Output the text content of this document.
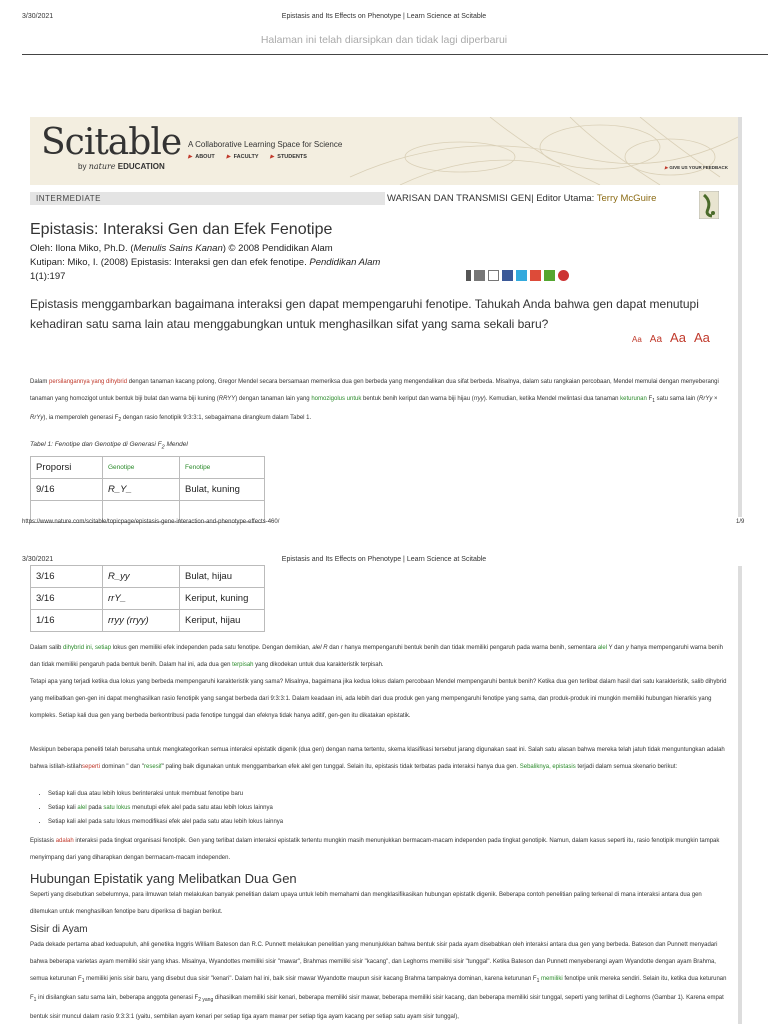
3/30/2021	Epistasis and Its Effects on Phenotype | Learn Science at Scitable
Halaman ini telah diarsipkan dan tidak lagi diperbarui
Scitable
by nature EDUCATION
A Collaborative Learning Space for Science
▶ ABOUT ▶ FACULTY ▶ STUDENTS
▶ GIVE US YOUR FEEDBACK
INTERMEDIATE	WARISAN DAN TRANSMISI GEN| Editor Utama: Terry McGuire
Epistasis: Interaksi Gen dan Efek Fenotipe
Oleh: Ilona Miko, Ph.D. (Menulis Sains Kanan) © 2008 Pendidikan Alam
Kutipan: Miko, I. (2008) Epistasis: Interaksi gen dan efek fenotipe. Pendidikan Alam
1(1):197
Epistasis menggambarkan bagaimana interaksi gen dapat mempengaruhi fenotipe. Tahukah Anda bahwa gen dapat menutupi kehadiran satu sama lain atau menggabungkan untuk menghasilkan sifat yang sama sekali baru?
Aa Aa Aa Aa
Dalam persilangannya yang dihybrid dengan tanaman kacang polong, Gregor Mendel secara bersamaan memeriksa dua gen berbeda yang mengendalikan dua sifat berbeda. Misalnya, dalam satu rangkaian percobaan, Mendel memulai dengan menyeberangi tanaman yang homozigot untuk bentuk biji bulat dan warna biji kuning (RRYY) dengan tanaman lain yang homozigolus untuk bentuk benih keriput dan warna biji hijau (rryy). Kemudian, ketika Mendel melintasi dua tanaman keturunan $F_1$ satu sama lain (RrYy × RrYy), ia memperoleh generasi $F_2$ dengan rasio fenotipik 9:3:3:1, sebagaimana dirangkum dalam Tabel 1.
Tabel 1: Fenotipe dan Genotipe di Generasi $F_2$ Mendel
Proporsi	Genotipe	Fenotipe
9/16	R_Y_	Bulat, kuning

https://www.nature.com/scitable/topicpage/epistasis-gene-interaction-and-phenotype-effects-460/	1/9
3/30/2021	Epistasis and Its Effects on Phenotype | Learn Science at Scitable
3/16	R_yy	Bulat, hijau
3/16	rrY_	Keriput, kuning
1/16	rryy (rryy)	Keriput, hijau
Dalam salib dihybrid ini, setiap lokus gen memiliki efek independen pada satu fenotipe. Dengan demikian, alel R dan r hanya mempengaruhi bentuk benih dan tidak memiliki pengaruh pada warna benih, sementara alel Y dan y hanya mempengaruhi warna benih dan tidak memiliki pengaruh pada bentuk benih. Dalam hal ini, ada dua gen terpisah yang dikodekan untuk dua karakteristik terpisah.
Tetapi apa yang terjadi ketika dua lokus yang berbeda mempengaruhi karakteristik yang sama? Misalnya, bagaimana jika kedua lokus dalam percobaan Mendel mempengaruhi bentuk benih? Ketika dua gen terlibat dalam hasil dari satu karakteristik, salib dihybrid yang melibatkan gen-gen ini dapat menghasilkan rasio fenotipik yang sangat berbeda dari 9:3:3:1. Dalam keadaan ini, ada lebih dari dua produk gen yang mempengaruhi fenotipe yang sama, dan produk-produk ini mungkin memiliki hubungan hierarkis yang kompleks. Setiap kali dua gen yang berbeda berkontribusi pada fenotipe tunggal dan efeknya tidak hanya aditif, gen-gen itu dikatakan epistatik.
Meskipun beberapa peneliti telah berusaha untuk mengkategorikan semua interaksi epistatik digenik (dua gen) dengan nama tertentu, skema klasifikasi tersebut jarang digunakan saat ini. Salah satu alasan bahwa mereka telah jatuh tidak menguntungkan adalah bahwa istilah-istilahseperti dominan " dan "resesif" paling baik digunakan untuk menggambarkan efek alel gen tunggal. Selain itu, epistasis tidak terbatas pada interaksi hanya dua gen. Sebaliknya, epistasis terjadi dalam semua skenario berikut:
• Setiap kali dua atau lebih lokus berinteraksi untuk membuat fenotipe baru
• Setiap kali alel pada satu lokus menutupi efek alel pada satu atau lebih lokus lainnya
• Setiap kali alel pada satu lokus memodifikasi efek alel pada satu atau lebih lokus lainnya
Epistasis adalah interaksi pada tingkat organisasi fenotipik. Gen yang terlibat dalam interaksi epistatik tertentu mungkin masih menunjukkan bermacam-macam independen pada tingkat genotipik. Namun, dalam kasus seperti itu, rasio fenotipik mungkin tampak menyimpang dari yang diharapkan dengan bermacam-macam independen.
Hubungan Epistatik yang Melibatkan Dua Gen
Seperti yang disebutkan sebelumnya, para ilmuwan telah melakukan banyak penelitian dalam upaya untuk lebih memahami dan mengklasifikasikan hubungan epistatik digenik. Beberapa contoh penelitian paling terkenal di mana interaksi antara dua gen ditemukan untuk menghasilkan fenotipe baru diperiksa di bagian berikut.
Sisir di Ayam
Pada dekade pertama abad keduapuluh, ahli genetika Inggris William Bateson dan R.C. Punnett melakukan penelitian yang menunjukkan bahwa bentuk sisir pada ayam disebabkan oleh interaksi antara dua gen yang berbeda. Bateson dan Punnett menyadari bahwa beberapa varietas ayam memiliki sisir yang khas. Misalnya, Wyandottes memiliki sisir "mawar", Brahmas memiliki sisir "kacang", dan Leghorns memiliki sisir "tunggal". Ketika Bateson dan Punnett menyeberangi ayam Wyandotte dengan ayam Brahma, semua keturunan $F_1$ memiliki jenis sisir baru, yang disebut dua sisir "kenari". Dalam hal ini, baik sisir mawar Wyandotte maupun sisir kacang Brahma tampaknya dominan, karena keturunan $F_1$ memiliki fenotipe unik mereka sendiri. Selain itu, ketika dua keturunan $F_1$ ini disilangkan satu sama lain, beberapa anggota generasi $F_{2 yang}$ dihasilkan memiliki sisir kenari, beberapa memiliki sisir mawar, beberapa memiliki sisir kacang, dan beberapa memiliki sisir tunggal, seperti yang terlihat di Leghorns (Gambar 1). Karena empat bentuk sisir muncul dalam rasio 9:3:3:1 (yaitu, sembilan ayam kenari per setiap tiga ayam mawar per setiap tiga ayam kacang per setiap satu ayam sisir tunggal),
